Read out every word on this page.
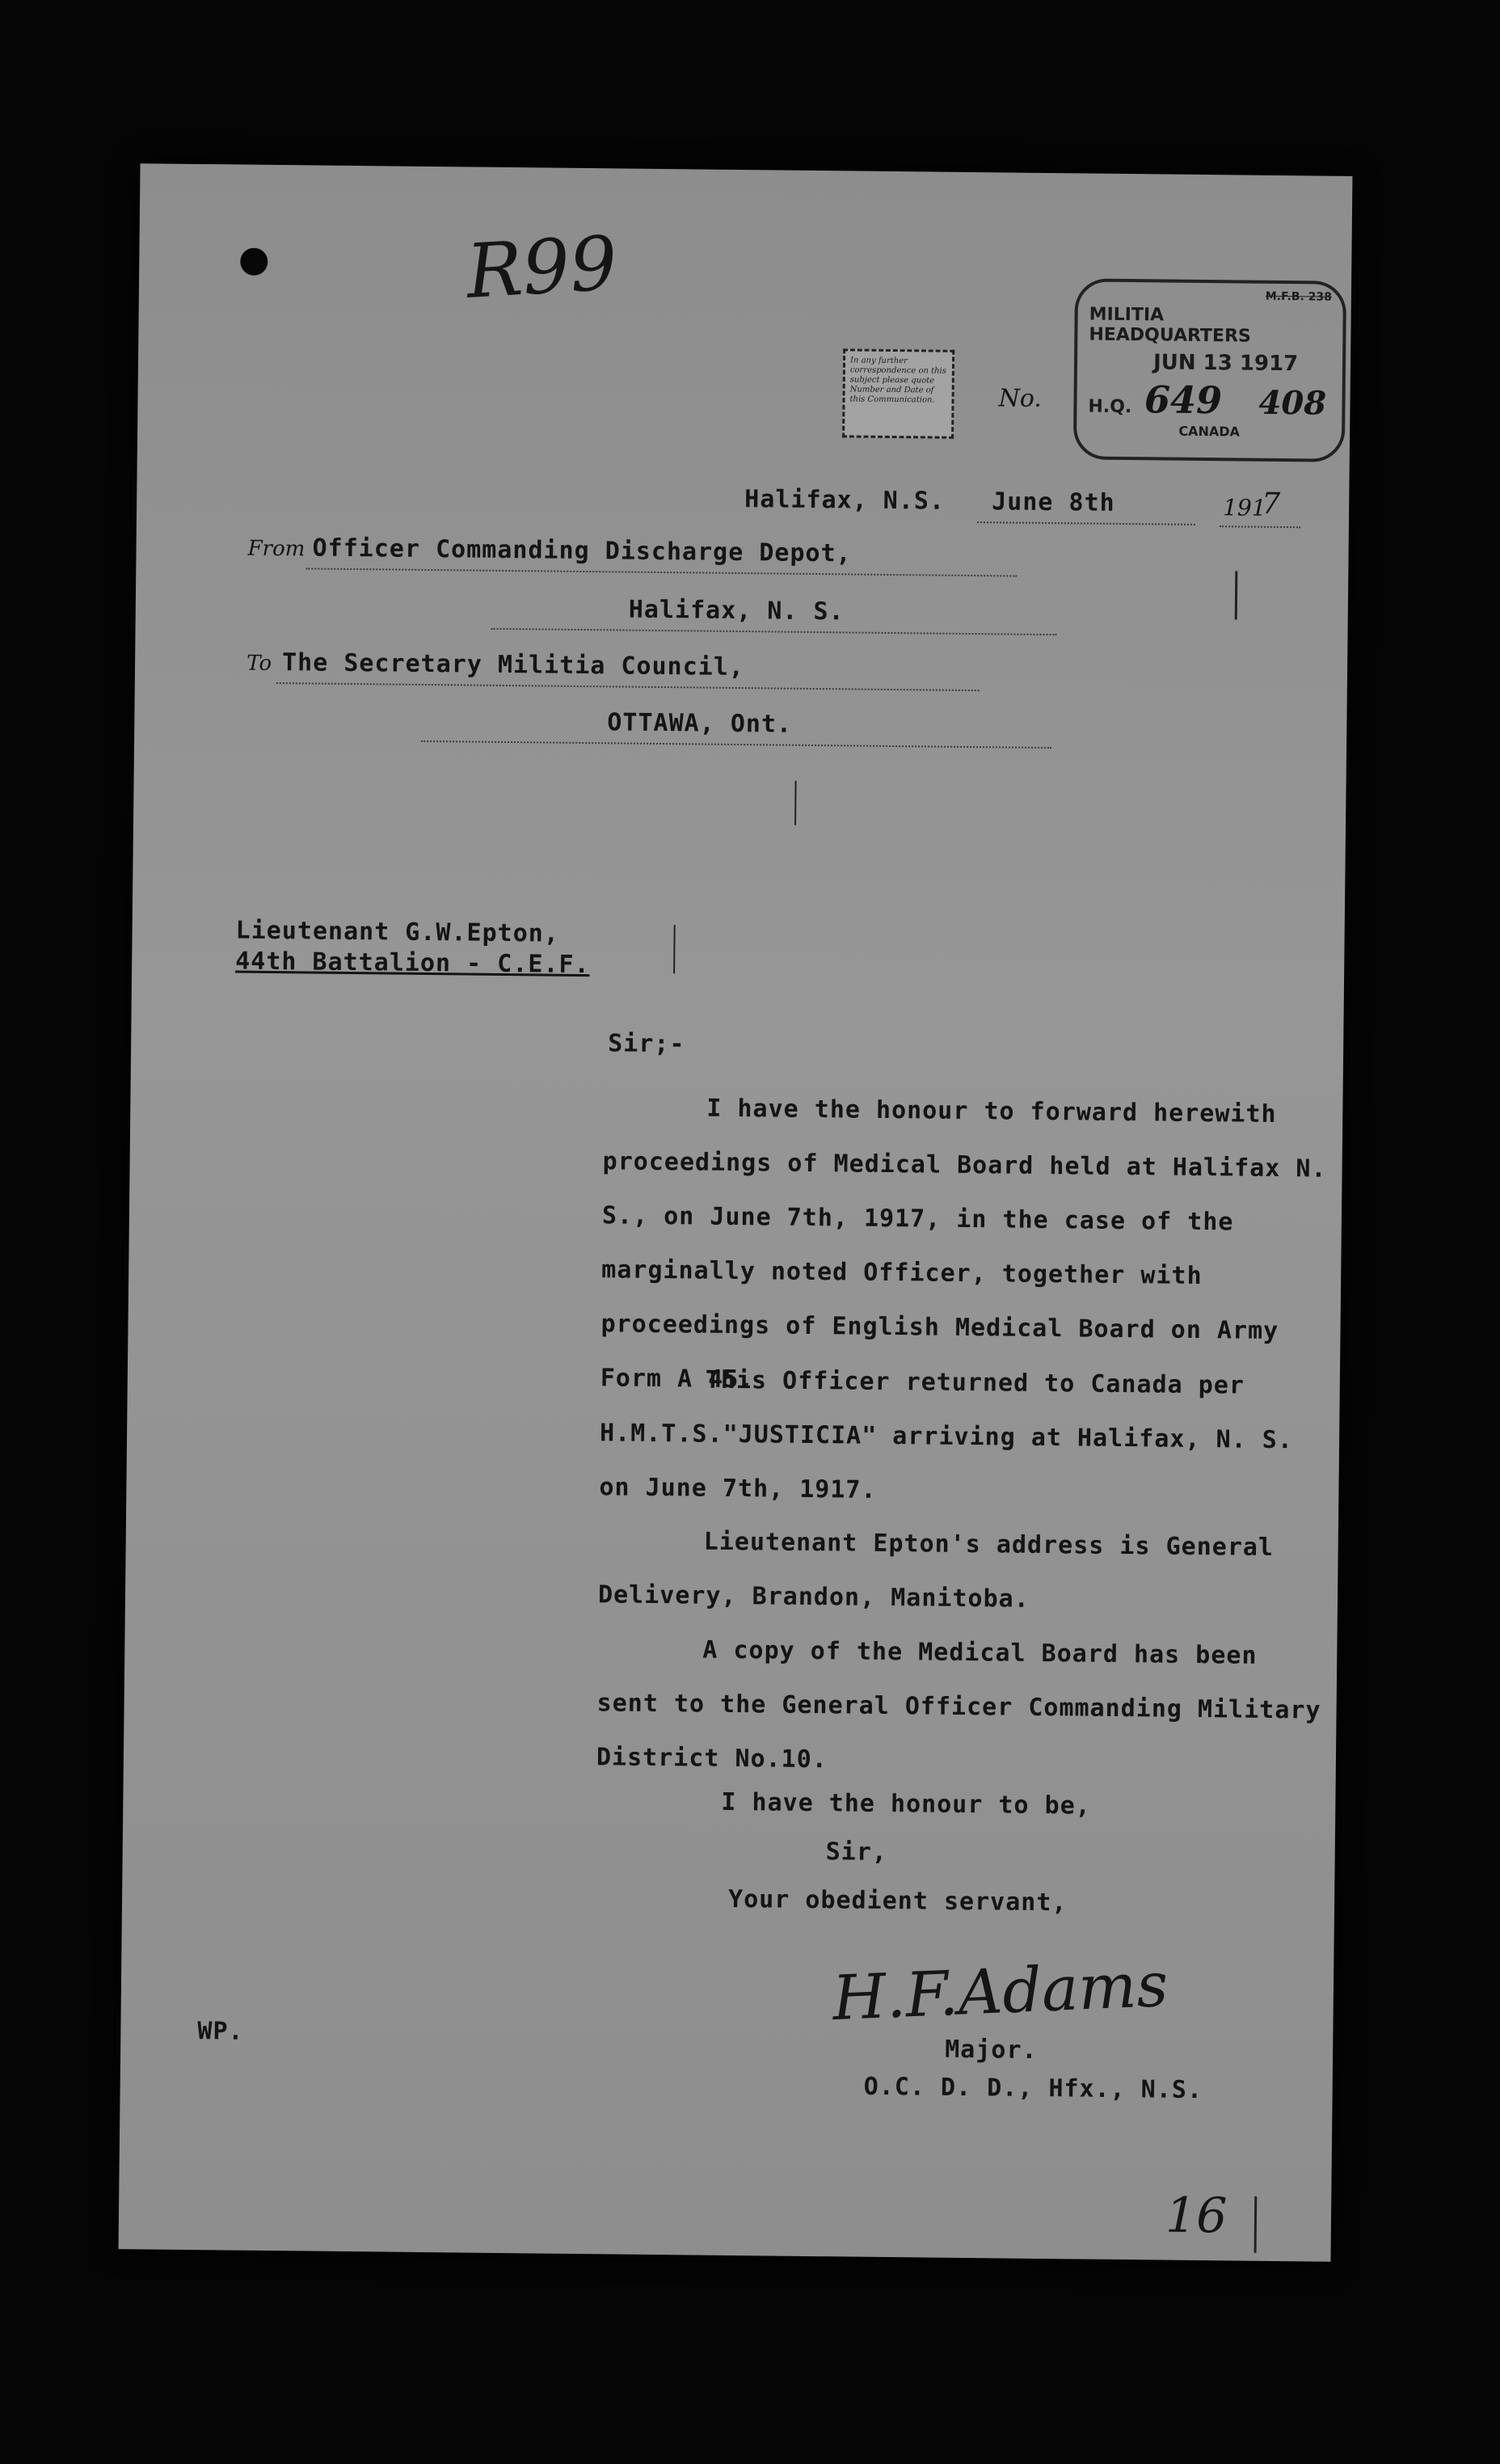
R99
In any further correspondence on this subject please quote Number and Date of this Communication.	No.
M.F.B. 238
MILITIA HEADQUARTERS
JUN 13 1917
H.Q. 649 408
CANADA
Halifax, N.S. June 8th	191
7
From Officer Commanding Discharge Depot,
Halifax, N. S.
To The Secretary Militia Council,
OTTAWA, Ont.
Lieutenant G.W.Epton,
44th Battalion - C.E.F.
Sir;-
I have the honour to forward herewith proceedings of Medical Board held at Halifax N. S., on June 7th, 1917, in the case of the marginally noted Officer, together with proceedings of English Medical Board on Army Form A 45.
This Officer returned to Canada per H.M.T.S."JUSTICIA" arriving at Halifax, N. S. on June 7th, 1917.
Lieutenant Epton's address is General Delivery, Brandon, Manitoba.
A copy of the Medical Board has been sent to the General Officer Commanding Military District No.10.
I have the honour to be,
Sir,
Your obedient servant,
H.F.Adams
Major.
O.C. D. D., Hfx., N.S.
WP.
16
